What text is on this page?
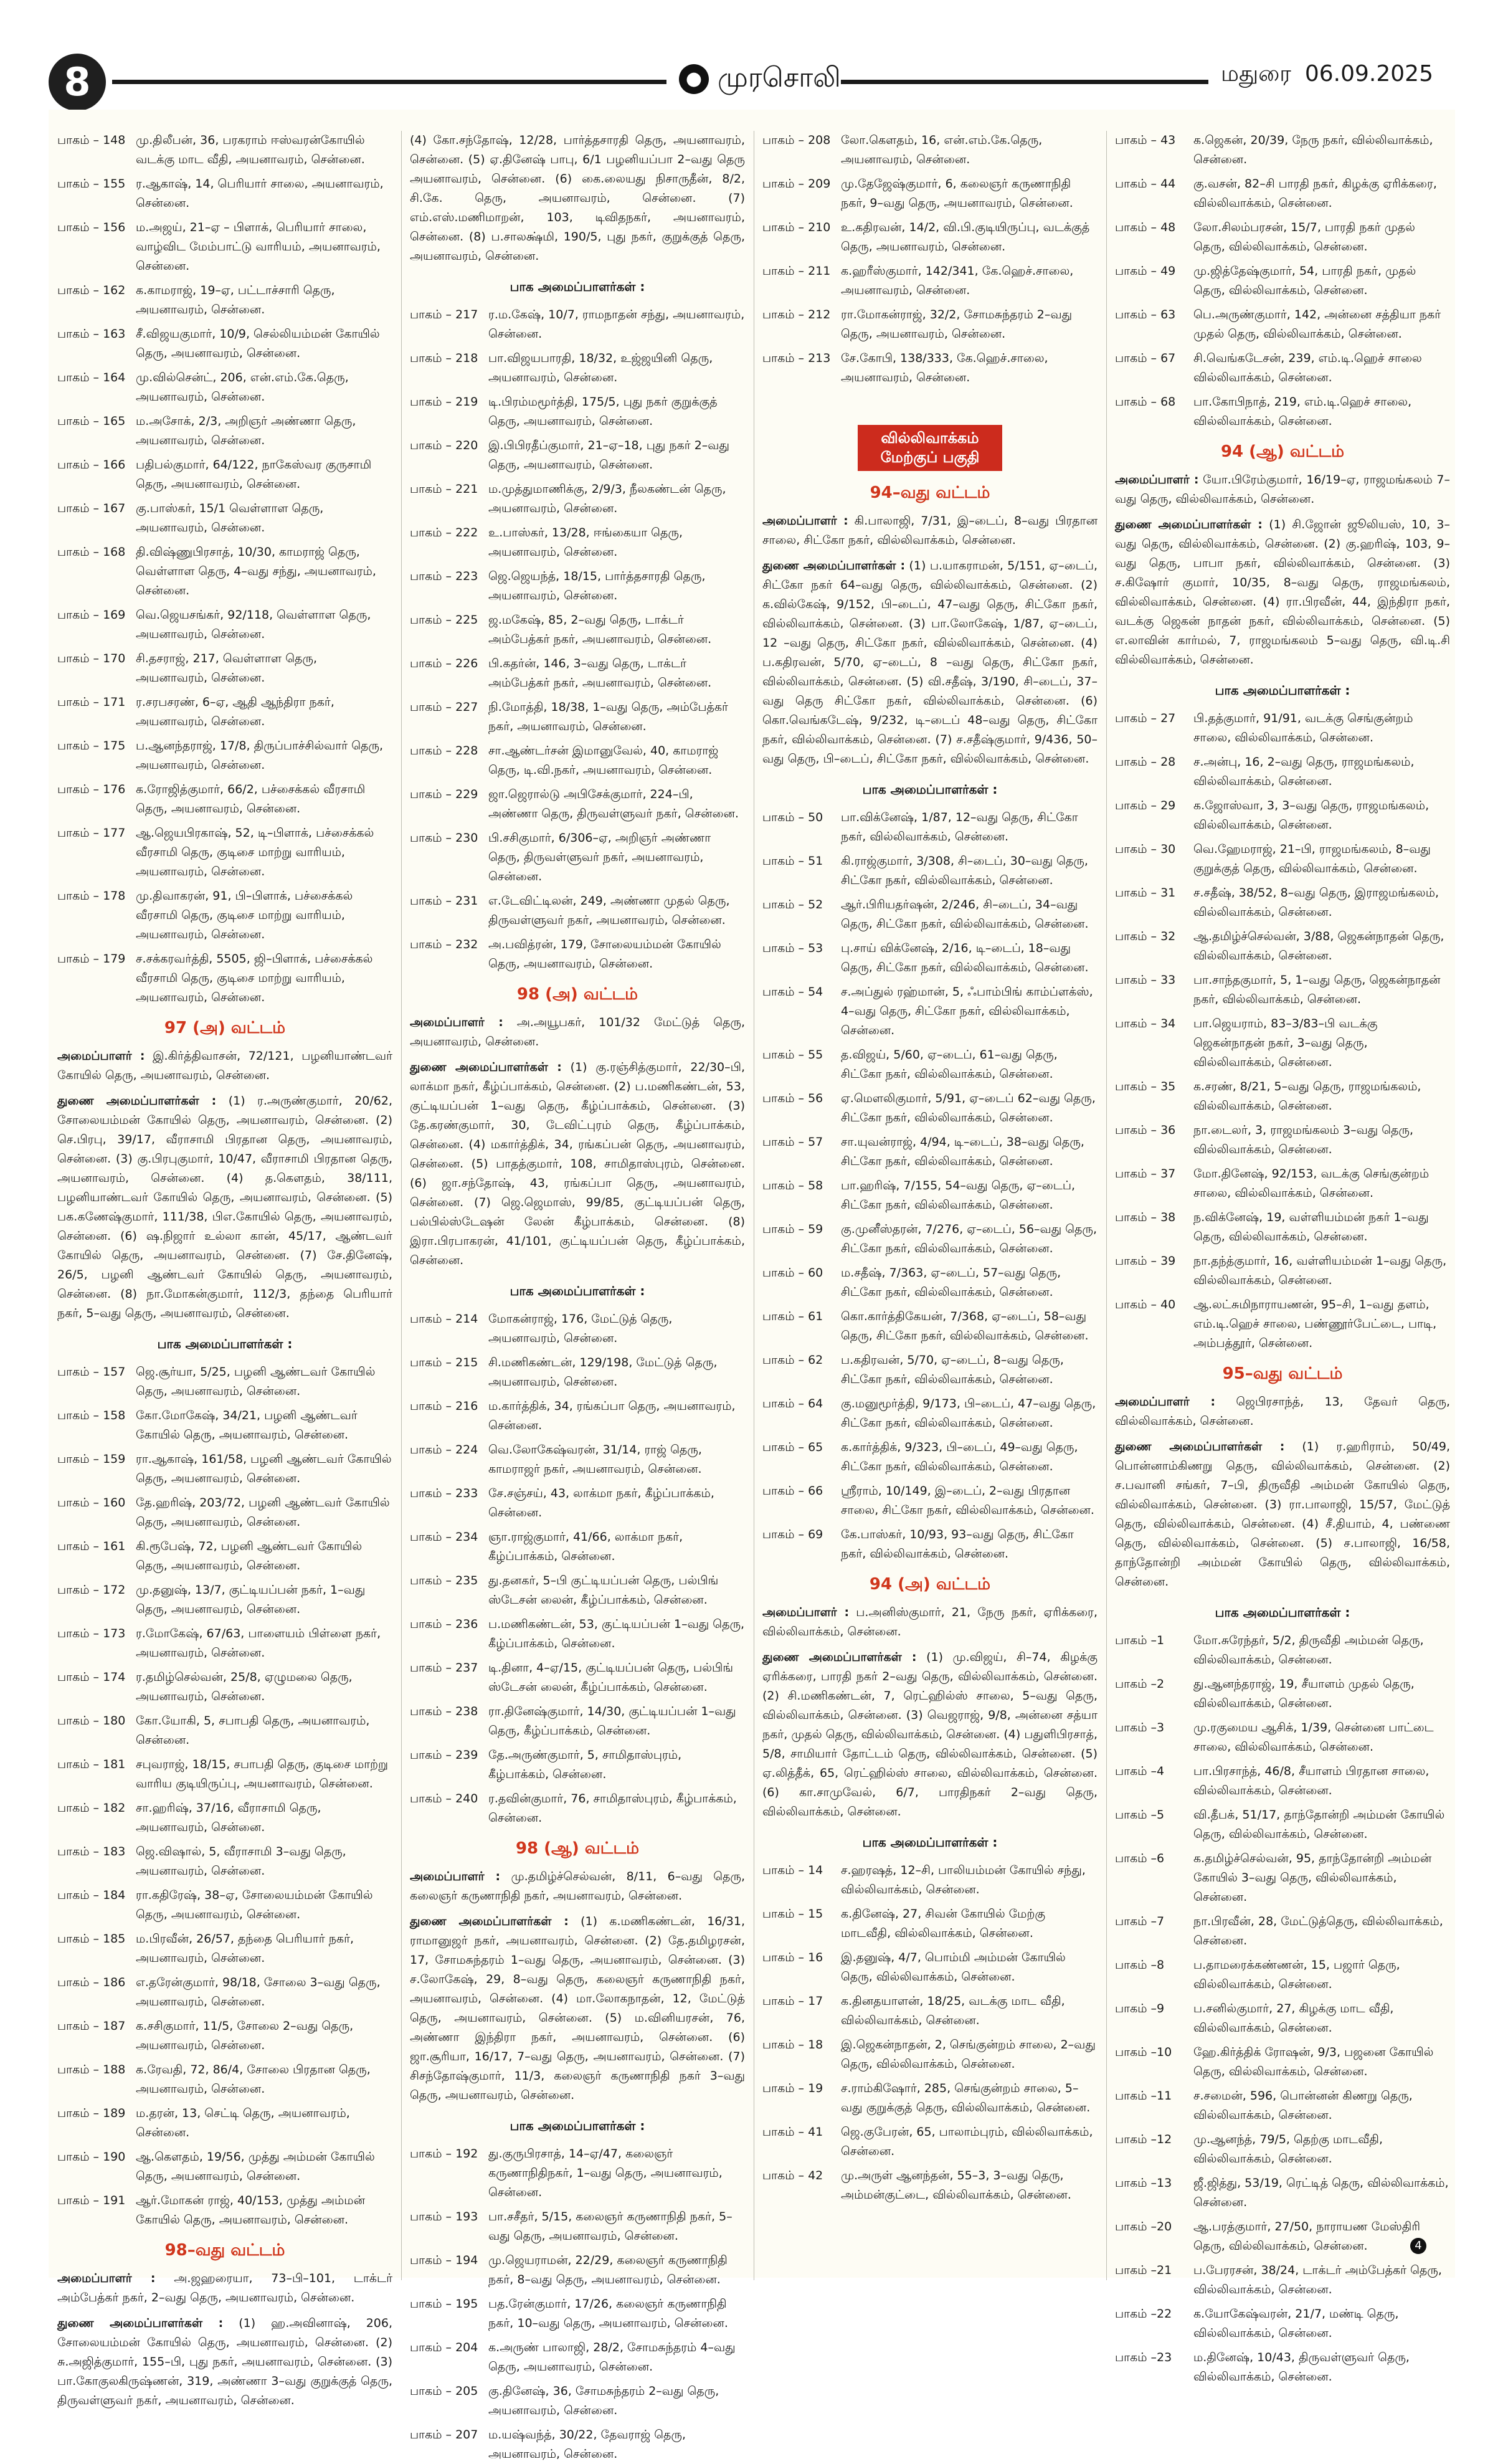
8	● முரசொலி	மதுரை 06.09.2025
பாகம் – 148 மு.திலீபன், 36, பரகராம் ஈஸ்வரன்கோயில் வடக்கு மாட வீதி, அயனாவரம், சென்னை.
பாகம் – 155 ர.ஆகாஷ், 14, பெரியார் சாலை, அயனாவரம், சென்னை.
பாகம் – 156 ம.அஜய், 21–ஏ – பிளாக், பெரியார் சாலை, வாழ்விட மேம்பாட்டு வாரியம், அயனாவரம், சென்னை.
பாகம் – 162 க.காமராஜ், 19–ஏ, பட்டாச்சாரி தெரு, அயனாவரம், சென்னை.
பாகம் – 163 சீ.விஜயகுமார், 10/9, செல்லியம்மன் கோயில் தெரு, அயனாவரம், சென்னை.
பாகம் – 164 மு.வில்சென்ட், 206, என்.எம்.கே.தெரு, அயனாவரம், சென்னை.
பாகம் – 165 ம.அசோக், 2/3, அறிஞர் அண்ணா தெரு, அயனாவரம், சென்னை.
பாகம் – 166 பதிபல்குமார், 64/122, நாகேஸ்வர குருசாமி தெரு, அயனாவரம், சென்னை.
பாகம் – 167 கு.பாஸ்கர், 15/1 வெள்ளாள தெரு, அயனாவரம், சென்னை.
பாகம் – 168 தி.விஷ்ணுபிரசாத், 10/30, காமராஜ் தெரு, வெள்ளாள தெரு, 4–வது சந்து, அயனாவரம், சென்னை.
பாகம் – 169 வெ.ஜெயசங்கர், 92/118, வெள்ளாள தெரு, அயனாவரம், சென்னை.
பாகம் – 170 சி.தசராஜ், 217, வெள்ளாள தெரு, அயனாவரம், சென்னை.
பாகம் – 171 ர.சரபசரண், 6–ஏ, ஆதி ஆந்திரா நகர், அயனாவரம், சென்னை.
பாகம் – 175 ப.ஆனந்தராஜ், 17/8, திருப்பாச்சில்வார் தெரு, அயனாவரம், சென்னை.
பாகம் – 176 க.ரோஜித்குமார், 66/2, பச்சைக்கல் வீரசாமி தெரு, அயனாவரம், சென்னை.
பாகம் – 177 ஆ.ஜெயபிரகாஷ், 52, டி–பிளாக், பச்சைக்கல் வீரசாமி தெரு, குடிசை மாற்று வாரியம், அயனாவரம், சென்னை.
பாகம் – 178 மு.திவாகரன், 91, பி–பிளாக், பச்சைக்கல் வீரசாமி தெரு, குடிசை மாற்று வாரியம், அயனாவரம், சென்னை.
பாகம் – 179 ச.சக்கரவர்த்தி, 5505, ஜி–பிளாக், பச்சைக்கல் வீரசாமி தெரு, குடிசை மாற்று வாரியம், அயனாவரம், சென்னை.
97 (அ) வட்டம்
அமைப்பாளர் : இ.கிர்த்திவாசன், 72/121, பழனியாண்டவர் கோயில் தெரு, அயனாவரம், சென்னை.
துணை அமைப்பாளர்கள் : (1) ர.அருண்குமார், 20/62, சோலையம்மன் கோயில் தெரு, அயனாவரம், சென்னை. (2) செ.பிரபு, 39/17, வீராசாமி பிரதான தெரு, அயனாவரம், சென்னை. (3) கு.பிரபுகுமார், 10/47, வீராசாமி பிரதான தெரு, அயனாவரம், சென்னை. (4) த.கௌதம், 38/111, பழனியாண்டவர் கோயில் தெரு, அயனாவரம், சென்னை. (5) பக.கணேஷ்குமார், 111/38, பிஎ.கோயில் தெரு, அயனாவரம், சென்னை. (6) ஷ.நிஜார் உல்லா கான், 45/17, ஆண்டவர் கோயில் தெரு, அயனாவரம், சென்னை. (7) சே.தினேஷ், 26/5, பழனி ஆண்டவர் கோயில் தெரு, அயனாவரம், சென்னை. (8) நா.மோகன்குமார், 112/3, தந்தை பெரியார் நகர், 5–வது தெரு, அயனாவரம், சென்னை.
பாக அமைப்பாளர்கள் :
பாகம் – 157 ஜெ.சூர்யா, 5/25, பழனி ஆண்டவர் கோயில் தெரு, அயனாவரம், சென்னை.
பாகம் – 158 கோ.மோகேஷ், 34/21, பழனி ஆண்டவர் கோயில் தெரு, அயனாவரம், சென்னை.
பாகம் – 159 ரா.ஆகாஷ், 161/58, பழனி ஆண்டவர் கோயில் தெரு, அயனாவரம், சென்னை.
பாகம் – 160 தே.ஹரிஷ், 203/72, பழனி ஆண்டவர் கோயில் தெரு, அயனாவரம், சென்னை.
பாகம் – 161 கி.ரூபேஷ், 72, பழனி ஆண்டவர் கோயில் தெரு, அயனாவரம், சென்னை.
பாகம் – 172 மு.தனுஷ், 13/7, குட்டியப்பன் நகர், 1–வது தெரு, அயனாவரம், சென்னை.
பாகம் – 173 ர.மோகேஷ், 67/63, பாளையம் பிள்ளை நகர், அயனாவரம், சென்னை.
பாகம் – 174 ர.தமிழ்செல்வன், 25/8, ஏழுமலை தெரு, அயனாவரம், சென்னை.
பாகம் – 180 கோ.யோகி, 5, சபாபதி தெரு, அயனாவரம், சென்னை.
பாகம் – 181 சபுவராஜ், 18/15, சபாபதி தெரு, குடிசை மாற்று வாரிய குடியிருப்பு, அயனாவரம், சென்னை.
பாகம் – 182 சா.ஹரிஷ், 37/16, வீராசாமி தெரு, அயனாவரம், சென்னை.
பாகம் – 183 ஜெ.விஷால், 5, வீராசாமி 3–வது தெரு, அயனாவரம், சென்னை.
பாகம் – 184 ரா.கதிரேஷ், 38–ஏ, சோலையம்மன் கோயில் தெரு, அயனாவரம், சென்னை.
பாகம் – 185 ம.பிரவீன், 26/57, தந்தை பெரியார் நகர், அயனாவரம், சென்னை.
பாகம் – 186 எ.தரேன்குமார், 98/18, சோலை 3–வது தெரு, அயனாவரம், சென்னை.
பாகம் – 187 க.சசிகுமார், 11/5, சோலை 2–வது தெரு, அயனாவரம், சென்னை.
பாகம் – 188 க.ரேவதி, 72, 86/4, சோலை பிரதான தெரு, அயனாவரம், சென்னை.
பாகம் – 189 ம.தரன், 13, செட்டி தெரு, அயனாவரம், சென்னை.
பாகம் – 190 ஆ.கௌதம், 19/56, முத்து அம்மன் கோயில் தெரு, அயனாவரம், சென்னை.
பாகம் – 191 ஆர்.மோகன் ராஜ், 40/153, முத்து அம்மன் கோயில் தெரு, அயனாவரம், சென்னை.
98–வது வட்டம்
அமைப்பாளர் : அ.ஜஹரையா, 73–பி–101, டாக்டர் அம்பேத்கர் நகர், 2–வது தெரு, அயனாவரம், சென்னை.
துணை அமைப்பாளர்கள் : (1) ஹ.அவினாஷ், 206, சோலையம்மன் கோயில் தெரு, அயனாவரம், சென்னை. (2) சு.அஜித்குமார், 155–பி, புது நகர், அயனாவரம், சென்னை. (3) பா.கோகுலகிருஷ்ணன், 319, அண்ணா 3–வது குறுக்குத் தெரு, திருவள்ளுவர் நகர், அயனாவரம், சென்னை.
(4) கோ.சந்தோஷ், 12/28, பார்த்தசாரதி தெரு, அயனாவரம், சென்னை. (5) ஏ.தினேஷ் பாபு, 6/1 பழனியப்பா 2–வது தெரு அயனாவரம், சென்னை. (6) கை.லையது நிசாருதீன், 8/2, சி.கே. தெரு, அயனாவரம், சென்னை. (7) எம்.எஸ்.மணிமாறன், 103, டிவிதநகர், அயனாவரம், சென்னை. (8) ப.சாலக்ஷ்மி, 190/5, புது நகர், குறுக்குத் தெரு, அயனாவரம், சென்னை.
பாக அமைப்பாளர்கள் :
பாகம் – 217 ர.ம.கேஷ், 10/7, ராமநாதன் சந்து, அயனாவரம், சென்னை.
பாகம் – 218 பா.விஜயபாரதி, 18/32, உஜ்ஜயினி தெரு, அயனாவரம், சென்னை.
பாகம் – 219 டி.பிரம்மமூர்த்தி, 175/5, புது நகர் குறுக்குத் தெரு, அயனாவரம், சென்னை.
பாகம் – 220 இ.பிபிரதீப்குமார், 21–ஏ–18, புது நகர் 2–வது தெரு, அயனாவரம், சென்னை.
பாகம் – 221 ம.முத்துமாணிக்கு, 2/9/3, நீலகண்டன் தெரு, அயனாவரம், சென்னை.
பாகம் – 222 உ.பாஸ்கர், 13/28, ஈங்கையா தெரு, அயனாவரம், சென்னை.
பாகம் – 223 ஜெ.ஜெயந்த், 18/15, பார்த்தசாரதி தெரு, அயனாவரம், சென்னை.
பாகம் – 225 ஜ.மகேஷ், 85, 2–வது தெரு, டாக்டர் அம்பேத்கர் நகர், அயனாவரம், சென்னை.
பாகம் – 226 பி.கதர்ன், 146, 3–வது தெரு, டாக்டர் அம்பேத்கர் நகர், அயனாவரம், சென்னை.
பாகம் – 227 நி.மோத்தி, 18/38, 1–வது தெரு, அம்பேத்கர் நகர், அயனாவரம், சென்னை.
பாகம் – 228 சா.ஆண்டர்சன் இமானுவேல், 40, காமராஜ் தெரு, டி.வி.நகர், அயனாவரம், சென்னை.
பாகம் – 229 ஜா.ஜெரால்டு அபிசேக்குமார், 224–பி, அண்ணா தெரு, திருவள்ளுவர் நகர், சென்னை.
பாகம் – 230 பி.சசிகுமார், 6/306–ஏ, அறிஞர் அண்ணா தெரு, திருவள்ளுவர் நகர், அயனாவரம், சென்னை.
பாகம் – 231 எ.டேவிட்டிலன், 249, அண்ணா முதல் தெரு, திருவள்ளுவர் நகர், அயனாவரம், சென்னை.
பாகம் – 232 அ.பவித்ரன், 179, சோலையம்மன் கோயில் தெரு, அயனாவரம், சென்னை.
98 (அ) வட்டம்
அமைப்பாளர் : அ.அயூபகர், 101/32 மேட்டுத் தெரு, அயனாவரம், சென்னை.
துணை அமைப்பாளர்கள் : (1) கு.ரஞ்சித்குமார், 22/30–பி, லாக்மா நகர், கீழ்ப்பாக்கம், சென்னை. (2) ப.மணிகண்டன், 53, குட்டியப்பன் 1–வது தெரு, கீழ்ப்பாக்கம், சென்னை. (3) தே.கரண்குமார், 30, டேவிட்புரம் தெரு, கீழ்ப்பாக்கம், சென்னை. (4) மகார்த்திக், 34, ரங்கப்பன் தெரு, அயனாவரம், சென்னை. (5) பாதத்குமார், 108, சாமிதாஸ்புரம், சென்னை. (6) ஜா.சந்தோஷ், 43, ரங்கப்பா தெரு, அயனாவரம், சென்னை. (7) ஜெ.ஜெமாஸ், 99/85, குட்டியப்பன் தெரு, பல்பில்ஸ்டேஷன் லேன் கீழ்பாக்கம், சென்னை. (8) இரா.பிரபாகரன், 41/101, குட்டியப்பன் தெரு, கீழ்ப்பாக்கம், சென்னை.
பாக அமைப்பாளர்கள் :
பாகம் – 214 மோகன்ராஜ், 176, மேட்டுத் தெரு, அயனாவரம், சென்னை.
பாகம் – 215 சி.மணிகண்டன், 129/198, மேட்டுத் தெரு, அயனாவரம், சென்னை.
பாகம் – 216 ம.கார்த்திக், 34, ரங்கப்பா தெரு, அயனாவரம், சென்னை.
பாகம் – 224 வெ.லோகேஷ்வரன், 31/14, ராஜ் தெரு, காமராஜர் நகர், அயனாவரம், சென்னை.
பாகம் – 233 சே.சஞ்சய், 43, லாக்மா நகர், கீழ்ப்பாக்கம், சென்னை.
பாகம் – 234 ஞா.ராஜ்குமார், 41/66, லாக்மா நகர், கீழ்ப்பாக்கம், சென்னை.
பாகம் – 235 து.தனகர், 5–பி குட்டியப்பன் தெரு, பல்பிங் ஸ்டேசன் லைன், கீழ்ப்பாக்கம், சென்னை.
பாகம் – 236 ப.மணிகண்டன், 53, குட்டியப்பன் 1–வது தெரு, கீழ்ப்பாக்கம், சென்னை.
பாகம் – 237 டி.தினா, 4–ஏ/15, குட்டியப்பன் தெரு, பல்பிங் ஸ்டேசன் லைன், கீழ்ப்பாக்கம், சென்னை.
பாகம் – 238 ரா.தினேஷ்குமார், 14/30, குட்டியப்பன் 1–வது தெரு, கீழ்ப்பாக்கம், சென்னை.
பாகம் – 239 தே.அருண்குமார், 5, சாமிதாஸ்புரம், கீழ்பாக்கம், சென்னை.
பாகம் – 240 ர.தவின்குமார், 76, சாமிதாஸ்புரம், கீழ்பாக்கம், சென்னை.
98 (ஆ) வட்டம்
அமைப்பாளர் : மு.தமிழ்ச்செல்வன், 8/11, 6–வது தெரு, கலைஞர் கருணாநிதி நகர், அயனாவரம், சென்னை.
துணை அமைப்பாளர்கள் : (1) க.மணிகண்டன், 16/31, ராமானுஜர் நகர், அயனாவரம், சென்னை. (2) தே.தமிழரசன், 17, சோமசுந்தரம் 1–வது தெரு, அயனாவரம், சென்னை. (3) ச.லோகேஷ், 29, 8–வது தெரு, கலைஞர் கருணாநிதி நகர், அயனாவரம், சென்னை. (4) மா.லோகநாதன், 12, மேட்டுத் தெரு, அயனாவரம், சென்னை. (5) ம.வினியரசன், 76, அண்ணா இந்திரா நகர், அயனாவரம், சென்னை. (6) ஜா.சூரியா, 16/17, 7–வது தெரு, அயனாவரம், சென்னை. (7) சிசந்தோஷ்குமார், 11/3, கலைஞர் கருணாநிதி நகர் 3–வது தெரு, அயனாவரம், சென்னை.
பாக அமைப்பாளர்கள் :
பாகம் – 192 து.குருபிரசாத், 14–ஏ/47, கலைஞர் கருணாநிதிநகர், 1–வது தெரு, அயனாவரம், சென்னை.
பாகம் – 193 பா.சசீதர், 5/15, கலைஞர் கருணாநிதி நகர், 5–வது தெரு, அயனாவரம், சென்னை.
பாகம் – 194 மு.ஜெயராமன், 22/29, கலைஞர் கருணாநிதி நகர், 8–வது தெரு, அயனாவரம், சென்னை.
பாகம் – 195 பத.ரேன்குமார், 17/26, கலைஞர் கருணாநிதி நகர், 10–வது தெரு, அயனாவரம், சென்னை.
பாகம் – 204 க.அருண் பாலாஜி, 28/2, சோமசுந்தரம் 4–வது தெரு, அயனாவரம், சென்னை.
பாகம் – 205 கு.தினேஷ், 36, சோமசுந்தரம் 2–வது தெரு, அயனாவரம், சென்னை.
பாகம் – 207 ம.யஷ்வந்த், 30/22, தேவராஜ் தெரு, அயனாவரம், சென்னை.
பாகம் – 208 லோ.கௌதம், 16, என்.எம்.கே.தெரு, அயனாவரம், சென்னை.
பாகம் – 209 மு.தேஜேஷ்குமார், 6, கலைஞர் கருணாநிதி நகர், 9–வது தெரு, அயனாவரம், சென்னை.
பாகம் – 210 உ.கதிரவன், 14/2, வி.பி.குடியிருப்பு, வடக்குத் தெரு, அயனாவரம், சென்னை.
பாகம் – 211 க.ஹரீஸ்குமார், 142/341, கே.ஹெச்.சாலை, அயனாவரம், சென்னை.
பாகம் – 212 ரா.மோகன்ராஜ், 32/2, சோமசுந்தரம் 2–வது தெரு, அயனாவரம், சென்னை.
பாகம் – 213 சே.கோபி, 138/333, கே.ஹெச்.சாலை, அயனாவரம், சென்னை.
வில்லிவாக்கம் மேற்குப் பகுதி
94–வது வட்டம்
அமைப்பாளர் : கி.பாலாஜி, 7/31, இ–டைப், 8–வது பிரதான சாலை, சிட்கோ நகர், வில்லிவாக்கம், சென்னை.
துணை அமைப்பாளர்கள் : (1) ப.யாகராமன், 5/151, ஏ–டைப், சிட்கோ நகர் 64–வது தெரு, வில்லிவாக்கம், சென்னை. (2) க.வில்கேஷ், 9/152, பி–டைப், 47–வது தெரு, சிட்கோ நகர், வில்லிவாக்கம், சென்னை. (3) பா.லோகேஷ், 1/87, ஏ–டைப், 12 –வது தெரு, சிட்கோ நகர், வில்லிவாக்கம், சென்னை. (4) ப.கதிரவன், 5/70, ஏ–டைப், 8 –வது தெரு, சிட்கோ நகர், வில்லிவாக்கம், சென்னை. (5) வி.சதீஷ், 3/190, சி–டைப், 37–வது தெரு சிட்கோ நகர், வில்லிவாக்கம், சென்னை. (6) கொ.வெங்கடேஷ், 9/232, டி–டைப் 48–வது தெரு, சிட்கோ நகர், வில்லிவாக்கம், சென்னை. (7) ச.சதீஷ்குமார், 9/436, 50–வது தெரு, பி–டைப், சிட்கோ நகர், வில்லிவாக்கம், சென்னை.
பாக அமைப்பாளர்கள் :
பாகம் – 50	பா.விக்னேஷ், 1/87, 12–வது தெரு, சிட்கோ நகர், வில்லிவாக்கம், சென்னை.
பாகம் – 51	கி.ராஜ்குமார், 3/308, சி–டைப், 30–வது தெரு, சிட்கோ நகர், வில்லிவாக்கம், சென்னை.
பாகம் – 52	ஆர்.பிரியதர்ஷன், 2/246, சி–டைப், 34–வது தெரு, சிட்கோ நகர், வில்லிவாக்கம், சென்னை.
பாகம் – 53	பு.சாய் விக்னேஷ், 2/16, டி–டைப், 18–வது தெரு, சிட்கோ நகர், வில்லிவாக்கம், சென்னை.
பாகம் – 54	ச.அப்துல் ரஹ்மான், 5, ஃபாம்பிங் காம்ப்ளக்ஸ், 4–வது தெரு, சிட்கோ நகர், வில்லிவாக்கம், சென்னை.
பாகம் – 55	த.விஜய், 5/60, ஏ–டைப், 61–வது தெரு, சிட்கோ நகர், வில்லிவாக்கம், சென்னை.
பாகம் – 56	ஏ.மௌலிகுமார், 5/91, ஏ–டைப் 62–வது தெரு, சிட்கோ நகர், வில்லிவாக்கம், சென்னை.
பாகம் – 57	சா.யுவன்ராஜ், 4/94, டி–டைப், 38–வது தெரு, சிட்கோ நகர், வில்லிவாக்கம், சென்னை.
பாகம் – 58	பா.ஹரிஷ், 7/155, 54–வது தெரு, ஏ–டைப், சிட்கோ நகர், வில்லிவாக்கம், சென்னை.
பாகம் – 59	கு.முனீஸ்தரன், 7/276, ஏ–டைப், 56–வது தெரு, சிட்கோ நகர், வில்லிவாக்கம், சென்னை.
பாகம் – 60	ம.சதீஷ், 7/363, ஏ–டைப், 57–வது தெரு, சிட்கோ நகர், வில்லிவாக்கம், சென்னை.
பாகம் – 61	கொ.கார்த்திகேயன், 7/368, ஏ–டைப், 58–வது தெரு, சிட்கோ நகர், வில்லிவாக்கம், சென்னை.
பாகம் – 62	ப.கதிரவன், 5/70, ஏ–டைப், 8–வது தெரு, சிட்கோ நகர், வில்லிவாக்கம், சென்னை.
பாகம் – 64	கு.மனுமூர்த்தி, 9/173, பி–டைப், 47–வது தெரு, சிட்கோ நகர், வில்லிவாக்கம், சென்னை.
பாகம் – 65	க.கார்த்திக், 9/323, பி–டைப், 49–வது தெரு, சிட்கோ நகர், வில்லிவாக்கம், சென்னை.
பாகம் – 66	ஸ்ரீராம், 10/149, இ–டைப், 2–வது பிரதான சாலை, சிட்கோ நகர், வில்லிவாக்கம், சென்னை.
பாகம் – 69	கே.பாஸ்கர், 10/93, 93–வது தெரு, சிட்கோ நகர், வில்லிவாக்கம், சென்னை.
94 (அ) வட்டம்
அமைப்பாளர் : ப.அனிஸ்குமார், 21, நேரு நகர், ஏரிக்கரை, வில்லிவாக்கம், சென்னை.
துணை அமைப்பாளர்கள் : (1) மு.விஜய், சி–74, கிழக்கு ஏரிக்கரை, பாரதி நகர் 2–வது தெரு, வில்லிவாக்கம், சென்னை. (2) சி.மணிகண்டன், 7, ரெட்ஹில்ஸ் சாலை, 5–வது தெரு, வில்லிவாக்கம், சென்னை. (3) வெஜராஜ், 9/8, அன்னை சத்யா நகர், முதல் தெரு, வில்லிவாக்கம், சென்னை. (4) பதுளிபிரசாத், 5/8, சாமியார் தோட்டம் தெரு, வில்லிவாக்கம், சென்னை. (5) ஏ.லித்தீக், 65, ரெட்ஹில்ஸ் சாலை, வில்லிவாக்கம், சென்னை. (6) கா.சாமுவேல், 6/7, பாரதிநகர் 2–வது தெரு, வில்லிவாக்கம், சென்னை.
பாக அமைப்பாளர்கள் :
பாகம் – 14	ச.ஹரஷத், 12–சி, பாலியம்மன் கோயில் சந்து, வில்லிவாக்கம், சென்னை.
பாகம் – 15	க.தினேஷ், 27, சிவன் கோயில் மேற்கு மாடவீதி, வில்லிவாக்கம், சென்னை.
பாகம் – 16	இ.தனுஷ், 4/7, பொம்மி அம்மன் கோயில் தெரு, வில்லிவாக்கம், சென்னை.
பாகம் – 17	க.தினதயாளன், 18/25, வடக்கு மாட வீதி, வில்லிவாக்கம், சென்னை.
பாகம் – 18	இ.ஜெகன்நாதன், 2, செங்குன்றம் சாலை, 2–வது தெரு, வில்லிவாக்கம், சென்னை.
பாகம் – 19	ச.ராம்கிஷோர், 285, செங்குன்றம் சாலை, 5–வது குறுக்குத் தெரு, வில்லிவாக்கம், சென்னை.
பாகம் – 41	ஜெ.குபேரன், 65, பாலாம்புரம், வில்லிவாக்கம், சென்னை.
பாகம் – 42	மு.அருள் ஆனந்தன், 55–3, 3–வது தெரு, அம்மன்குட்டை, வில்லிவாக்கம், சென்னை.
பாகம் – 43	க.ஜெகன், 20/39, நேரு நகர், வில்லிவாக்கம், சென்னை.
பாகம் – 44	கு.வசன், 82–சி பாரதி நகர், கிழக்கு ஏரிக்கரை, வில்லிவாக்கம், சென்னை.
பாகம் – 48	லோ.சிலம்பரசன், 15/7, பாரதி நகர் முதல் தெரு, வில்லிவாக்கம், சென்னை.
பாகம் – 49	மு.ஜித்தேஷ்குமார், 54, பாரதி நகர், முதல் தெரு, வில்லிவாக்கம், சென்னை.
பாகம் – 63	பெ.அருண்குமார், 142, அன்னை சத்தியா நகர் முதல் தெரு, வில்லிவாக்கம், சென்னை.
பாகம் – 67	சி.வெங்கடேசன், 239, எம்.டி.ஹெச் சாலை வில்லிவாக்கம், சென்னை.
பாகம் – 68	பா.கோபிநாத், 219, எம்.டி.ஹெச் சாலை, வில்லிவாக்கம், சென்னை.
94 (ஆ) வட்டம்
அமைப்பாளர் : யோ.பிரேம்குமார், 16/19–ஏ, ராஜமங்கலம் 7–வது தெரு, வில்லிவாக்கம், சென்னை.
துணை அமைப்பாளர்கள் : (1) சி.ஜோன் ஜூலியஸ், 10, 3–வது தெரு, வில்லிவாக்கம், சென்னை. (2) கு.ஹரிஷ், 103, 9–வது தெரு, பாபா நகர், வில்லிவாக்கம், சென்னை. (3) ச.கிஷோர் குமார், 10/35, 8–வது தெரு, ராஜமங்கலம், வில்லிவாக்கம், சென்னை. (4) ரா.பிரவீன், 44, இந்திரா நகர், வடக்கு ஜெகன் நாதன் நகர், வில்லிவாக்கம், சென்னை. (5) எ.லாவின் கார்மல், 7, ராஜமங்கலம் 5–வது தெரு, வி.டி.சி வில்லிவாக்கம், சென்னை.
பாக அமைப்பாளர்கள் :
பாகம் – 27	பி.தத்குமார், 91/91, வடக்கு செங்குன்றம் சாலை, வில்லிவாக்கம், சென்னை.
பாகம் – 28	ச.அன்பு, 16, 2–வது தெரு, ராஜமங்கலம், வில்லிவாக்கம், சென்னை.
பாகம் – 29	க.ஜோஸ்வா, 3, 3–வது தெரு, ராஜமங்கலம், வில்லிவாக்கம், சென்னை.
பாகம் – 30	வெ.ஹேமராஜ், 21–பி, ராஜமங்கலம், 8–வது குறுக்குத் தெரு, வில்லிவாக்கம், சென்னை.
பாகம் – 31	ச.சதீஷ், 38/52, 8–வது தெரு, இராஜமங்கலம், வில்லிவாக்கம், சென்னை.
பாகம் – 32	ஆ.தமிழ்ச்செல்வன், 3/88, ஜெகன்நாதன் தெரு, வில்லிவாக்கம், சென்னை.
பாகம் – 33	பா.சாந்தகுமார், 5, 1–வது தெரு, ஜெகன்நாதன் நகர், வில்லிவாக்கம், சென்னை.
பாகம் – 34	பா.ஜெயராம், 83–3/83–பி வடக்கு ஜெகன்நாதன் நகர், 3–வது தெரு, வில்லிவாக்கம், சென்னை.
பாகம் – 35	க.சரண், 8/21, 5–வது தெரு, ராஜமங்கலம், வில்லிவாக்கம், சென்னை.
பாகம் – 36	நா.டைலர், 3, ராஜமங்கலம் 3–வது தெரு, வில்லிவாக்கம், சென்னை.
பாகம் – 37	மோ.தினேஷ், 92/153, வடக்கு செங்குன்றம் சாலை, வில்லிவாக்கம், சென்னை.
பாகம் – 38	ந.விக்னேஷ், 19, வள்ளியம்மன் நகர் 1–வது தெரு, வில்லிவாக்கம், சென்னை.
பாகம் – 39	நா.தந்த்குமார், 16, வள்ளியம்மன் 1–வது தெரு, வில்லிவாக்கம், சென்னை.
பாகம் – 40	ஆ.லட்சுமிநாராயணன், 95–சி, 1–வது தளம், எம்.டி.ஹெச் சாலை, பண்ணூர்பேட்டை, பாடி, அம்பத்தூர், சென்னை.
95–வது வட்டம்
அமைப்பாளர் : ஜெபிரசாந்த், 13, தேவர் தெரு, வில்லிவாக்கம், சென்னை.
துணை அமைப்பாளர்கள் : (1) ர.ஹரிராம், 50/49, பொன்னாம்கிணறு தெரு, வில்லிவாக்கம், சென்னை. (2) ச.பவானி சங்கர், 7–பி, திருவீதி அம்மன் கோயில் தெரு, வில்லிவாக்கம், சென்னை. (3) ரா.பாலாஜி, 15/57, மேட்டுத் தெரு, வில்லிவாக்கம், சென்னை. (4) சீ.தியாம், 4, பண்ணை தெரு, வில்லிவாக்கம், சென்னை. (5) ச.பாலாஜி, 16/58, தாந்தோன்றி அம்மன் கோயில் தெரு, வில்லிவாக்கம், சென்னை.
பாக அமைப்பாளர்கள் :
பாகம் –1	மோ.சுரேந்தர், 5/2, திருவீதி அம்மன் தெரு, வில்லிவாக்கம், சென்னை.
பாகம் –2	து.ஆனந்தராஜ், 19, சீயாளம் முதல் தெரு, வில்லிவாக்கம், சென்னை.
பாகம் –3	மு.ரகுமைய ஆசிக், 1/39, சென்னை பாட்டை சாலை, வில்லிவாக்கம், சென்னை.
பாகம் –4	பா.பிரசாந்த், 46/8, சீயாளம் பிரதான சாலை, வில்லிவாக்கம், சென்னை.
பாகம் –5	வி.தீபக், 51/17, தாந்தோன்றி அம்மன் கோயில் தெரு, வில்லிவாக்கம், சென்னை.
பாகம் –6	க.தமிழ்ச்செல்வன், 95, தாந்தோன்றி அம்மன் கோயில் 3–வது தெரு, வில்லிவாக்கம், சென்னை.
பாகம் –7	நா.பிரவீன், 28, மேட்டுத்தெரு, வில்லிவாக்கம், சென்னை.
பாகம் –8	ப.தாமரைக்கண்ணன், 15, பஜார் தெரு, வில்லிவாக்கம், சென்னை.
பாகம் –9	ப.சனில்குமார், 27, கிழக்கு மாட வீதி, வில்லிவாக்கம், சென்னை.
பாகம் –10	ஹே.கிர்த்திக் ரோஷன், 9/3, பஜனை கோயில் தெரு, வில்லிவாக்கம், சென்னை.
பாகம் –11	ச.சமைன், 596, பொன்னன் கிணறு தெரு, வில்லிவாக்கம், சென்னை.
பாகம் –12	மு.ஆனந்த், 79/5, தெற்கு மாடவீதி, வில்லிவாக்கம், சென்னை.
பாகம் –13	ஜீ.ஜித்து, 53/19, ரெட்டித் தெரு, வில்லிவாக்கம், சென்னை.
பாகம் –20	ஆ.பரத்குமார், 27/50, நாராயண மேஸ்திரி தெரு, வில்லிவாக்கம், சென்னை.
பாகம் –21	ப.பேரரசன், 38/24, டாக்டர் அம்பேத்கர் தெரு, வில்லிவாக்கம், சென்னை.
பாகம் –22	க.யோகேஷ்வரன், 21/7, மண்டி தெரு, வில்லிவாக்கம், சென்னை.
பாகம் –23	ம.தினேஷ், 10/43, திருவள்ளுவர் தெரு, வில்லிவாக்கம், சென்னை.
4
